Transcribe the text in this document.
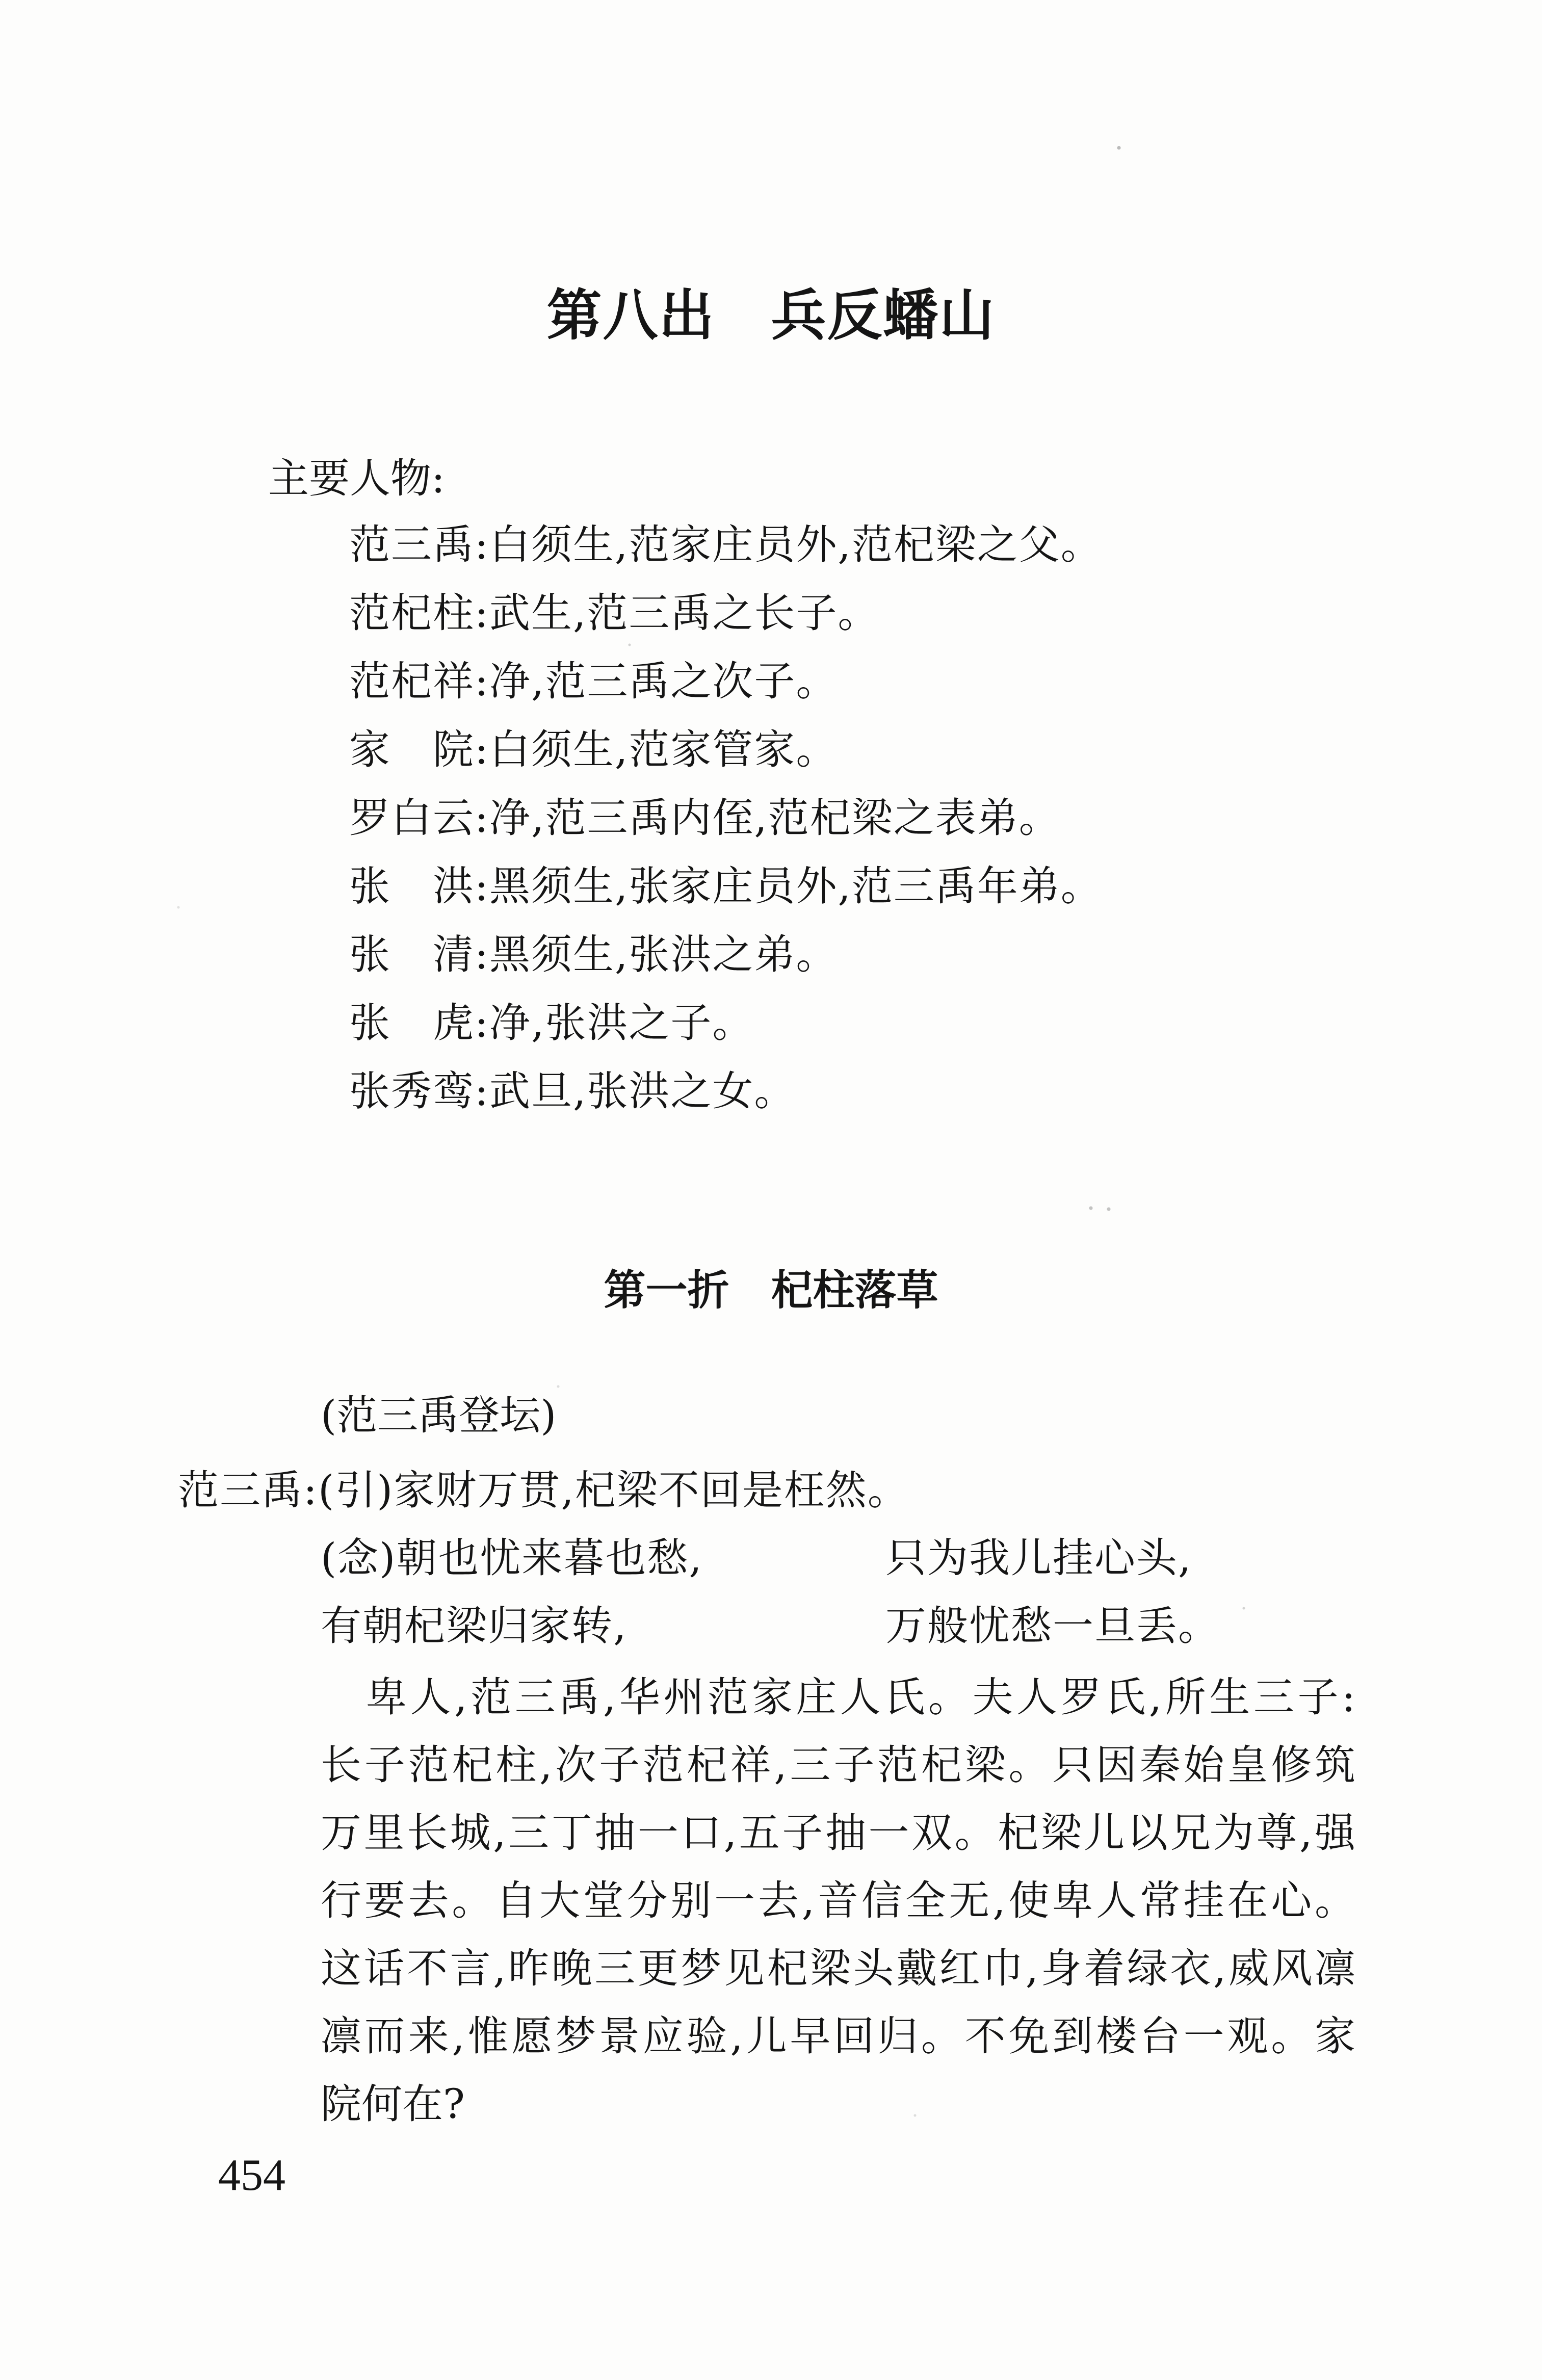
第八出　兵反蟠山
主要人物:
范三禹:白须生,范家庄员外,范杞梁之父。
范杞柱:武生,范三禹之长子。
范杞祥:净,范三禹之次子。
家　院:白须生,范家管家。
罗白云:净,范三禹内侄,范杞梁之表弟。
张　洪:黑须生,张家庄员外,范三禹年弟。
张　清:黑须生,张洪之弟。
张　虎:净,张洪之子。
张秀鸾:武旦,张洪之女。
第一折　杞柱落草
(范三禹登坛)
范三禹:(引)家财万贯,杞梁不回是枉然。
(念)朝也忧来暮也愁,	只为我儿挂心头,
有朝杞梁归家转,	万般忧愁一旦丢。
卑人,范三禹,华州范家庄人氏。夫人罗氏,所生三子:
长子范杞柱,次子范杞祥,三子范杞梁。只因秦始皇修筑
万里长城,三丁抽一口,五子抽一双。杞梁儿以兄为尊,强
行要去。自大堂分别一去,音信全无,使卑人常挂在心。
这话不言,昨晚三更梦见杞梁头戴红巾,身着绿衣,威风凛
凛而来,惟愿梦景应验,儿早回归。不免到楼台一观。家
院何在?
454
